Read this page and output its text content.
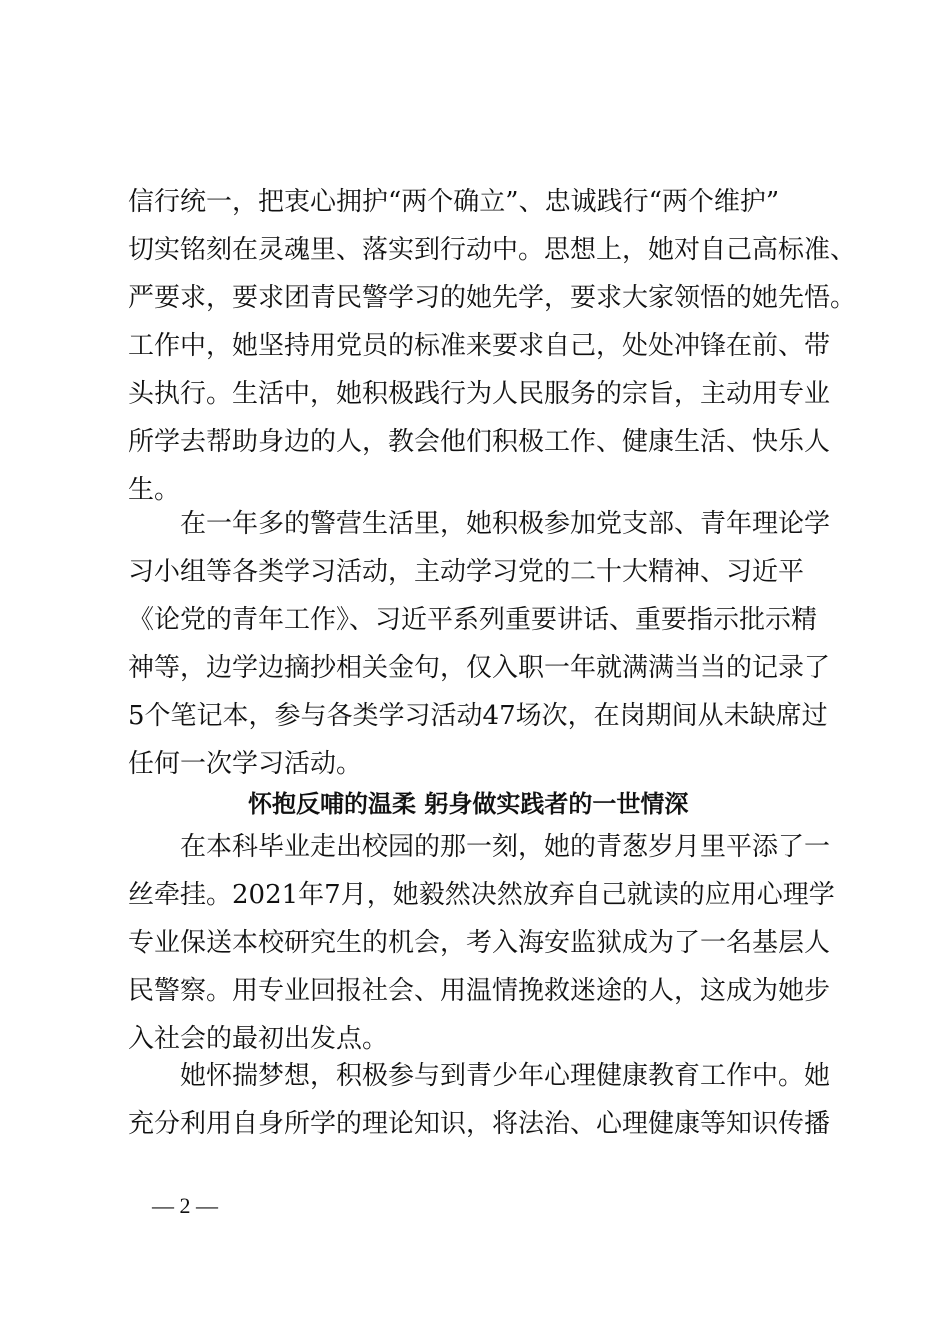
信行统一，把衷心拥护“两个确立”、忠诚践行“两个维护”
切实铭刻在灵魂里、落实到行动中。思想上，她对自己高标准、
严要求，要求团青民警学习的她先学，要求大家领悟的她先悟。
工作中，她坚持用党员的标准来要求自己，处处冲锋在前、带
头执行。生活中，她积极践行为人民服务的宗旨，主动用专业
所学去帮助身边的人，教会他们积极工作、健康生活、快乐人
生。
在一年多的警营生活里，她积极参加党支部、青年理论学
习小组等各类学习活动，主动学习党的二十大精神、习近平
《论党的青年工作》、习近平系列重要讲话、重要指示批示精
神等，边学边摘抄相关金句，仅入职一年就满满当当的记录了
5个笔记本，参与各类学习活动47场次，在岗期间从未缺席过
任何一次学习活动。
怀抱反哺的温柔 躬身做实践者的一世情深
在本科毕业走出校园的那一刻，她的青葱岁月里平添了一
丝牵挂。2021年7月，她毅然决然放弃自己就读的应用心理学
专业保送本校研究生的机会，考入海安监狱成为了一名基层人
民警察。用专业回报社会、用温情挽救迷途的人，这成为她步
入社会的最初出发点。
她怀揣梦想，积极参与到青少年心理健康教育工作中。她
充分利用自身所学的理论知识，将法治、心理健康等知识传播
— 2 —
